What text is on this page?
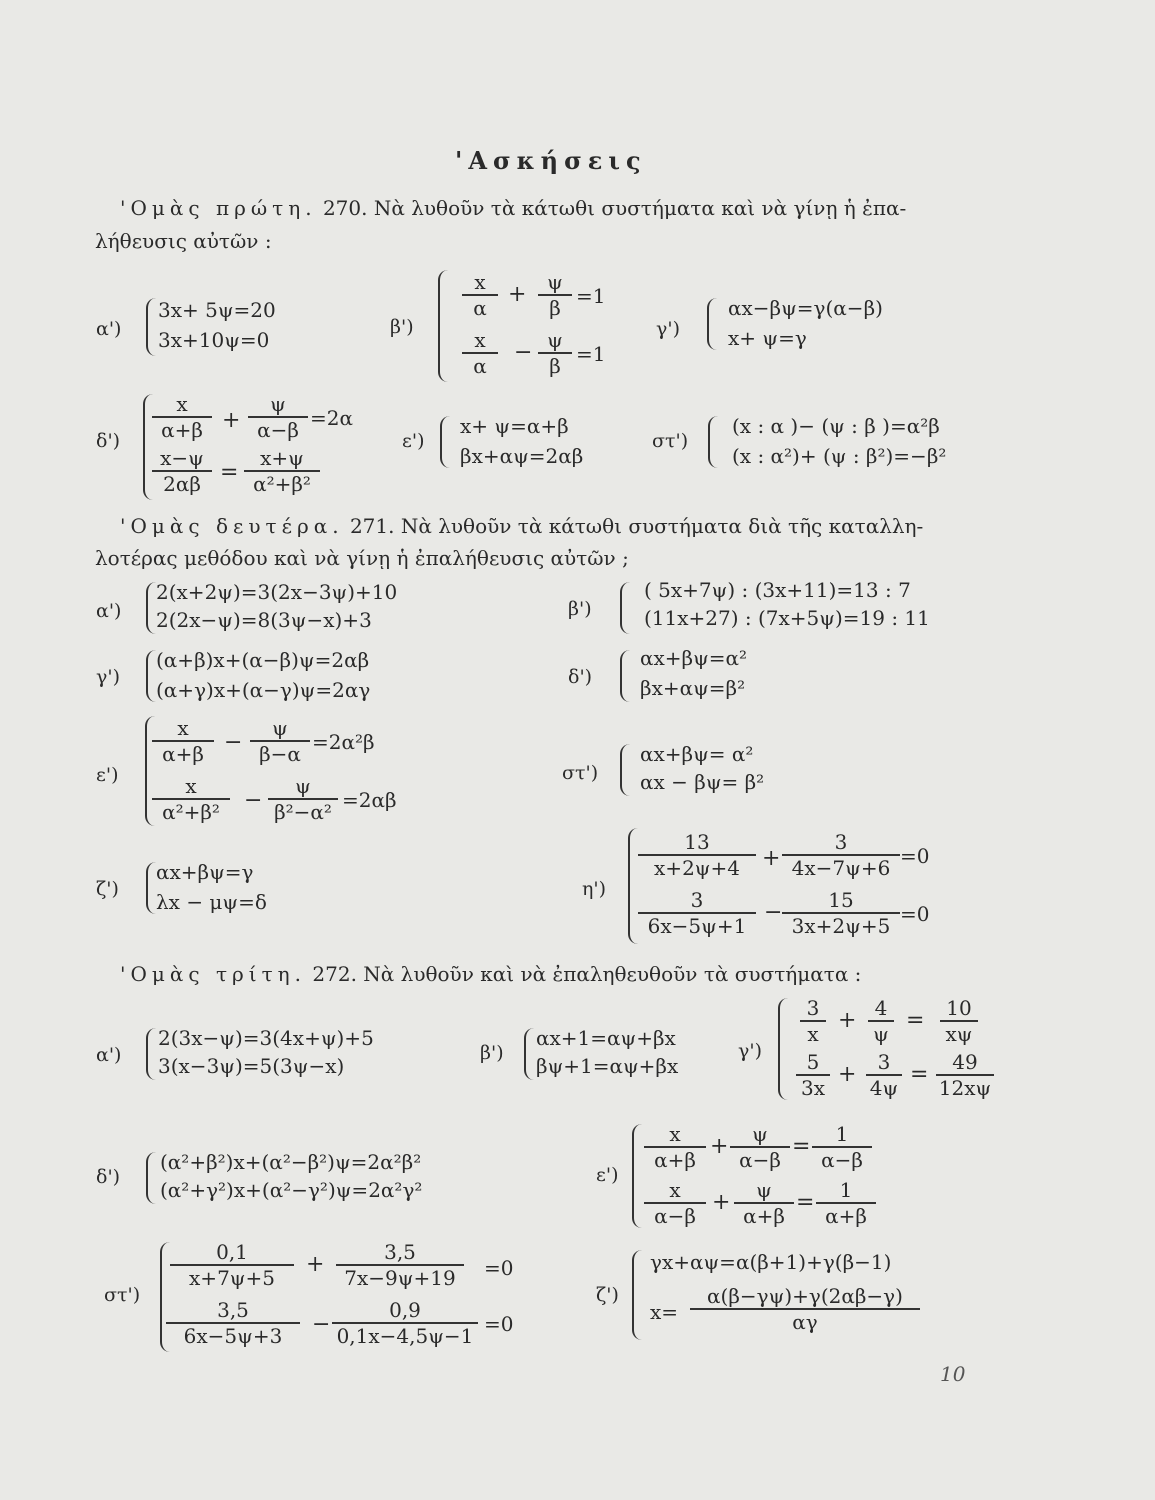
'Ασκήσεις
'Ομὰς πρώτη. 270. Νὰ λυθοῦν τὰ κάτωθι συστήματα καὶ νὰ γίνῃ ἡ ἐπα-
λήθευσις αὐτῶν :
α')
3x+ 5ψ=20
3x+10ψ=0
β')
$\frac{x}{\alpha} + \frac{\psi}{\beta} =1$
$\frac{x}{\alpha} - \frac{\psi}{\beta} =1$
γ')
αx−βψ=γ(α−β)
x+ ψ=γ
$\delta') \frac{x}{\alpha+\beta} + \frac{\psi}{\alpha-\beta} =2\alpha$
$\frac{x-\psi}{2\alpha\beta} = \frac{x+\psi}{\text{α²+β²}}$
ε')
x+ ψ=α+β
βx+αψ=2αβ
στ')
(x : α )− (ψ : β )=α²β
(x : α²)+ (ψ : β²)=−β²
'Ομὰς δευτέρα. 271. Νὰ λυθοῦν τὰ κάτωθι συστήματα διὰ τῆς καταλλη-
λοτέρας μεθόδου καὶ νὰ γίνῃ ἡ ἐπαλήθευσις αὐτῶν ;
α')
2(x+2ψ)=3(2x−3ψ)+10
2(2x−ψ)=8(3ψ−x)+3	β')
( 5x+7ψ) : (3x+11)=13 : 7
(11x+27) : (7x+5ψ)=19 : 11
γ')
(α+β)x+(α−β)ψ=2αβ
(α+γ)x+(α−γ)ψ=2αγ
δ')
αx+βψ=α²
βx+αψ=β²
ε')
$\frac{x}{\alpha+\beta} - \frac{\psi}{\beta-\alpha} =2\alpha^2\beta$
$\frac{x}{\text{α²+β²}} - \frac{\psi}{\text{β²−α²}} =2\alpha\beta$
στ')
αx+βψ= α²
αx − βψ= β²
ζ')
αx+βψ=γ
λx − μψ=δ
η')
$\frac{13}{x+2\psi+4} + \frac{3}{4x-7\psi+6} =0$
$\frac{3}{6x-5\psi+1} - \frac{15}{3x+2\psi+5} =0$
'Ομὰς τρίτη. 272. Νὰ λυθοῦν καὶ νὰ ἐπαληθευθοῦν τὰ συστήματα :
α')
2(3x−ψ)=3(4x+ψ)+5
3(x−3ψ)=5(3ψ−x)
β')
αx+1=αψ+βx
βψ+1=αψ+βx
γ')
$\frac{3}{x} + \frac{4}{\psi} = \frac{10}{x\psi}$
$\frac{5}{3x} + \frac{3}{4\psi} = \frac{49}{12x\psi}$
δ')
(α²+β²)x+(α²−β²)ψ=2α²β²
(α²+γ²)x+(α²−γ²)ψ=2α²γ²
ε')
$\frac{x}{\alpha+\beta} + \frac{\psi}{\alpha-\beta} = \frac{1}{\alpha-\beta}$
$\frac{x}{\alpha-\beta} + \frac{\psi}{\alpha+\beta} = \frac{1}{\alpha+\beta}$
στ')
$\frac{0,1}{x+7\psi+5} + \frac{3,5}{7x-9\psi+19} =0$
$\frac{3,5}{6x-5\psi+3} - \frac{0,9}{0,1x-4,5\psi-1} =0$
ζ')
γx+αψ=α(β+1)+γ(β−1)
$x= \frac{\alpha(\beta-\gamma\psi)+\gamma(2\alpha\beta-\gamma)}{\alpha\gamma}$
10
